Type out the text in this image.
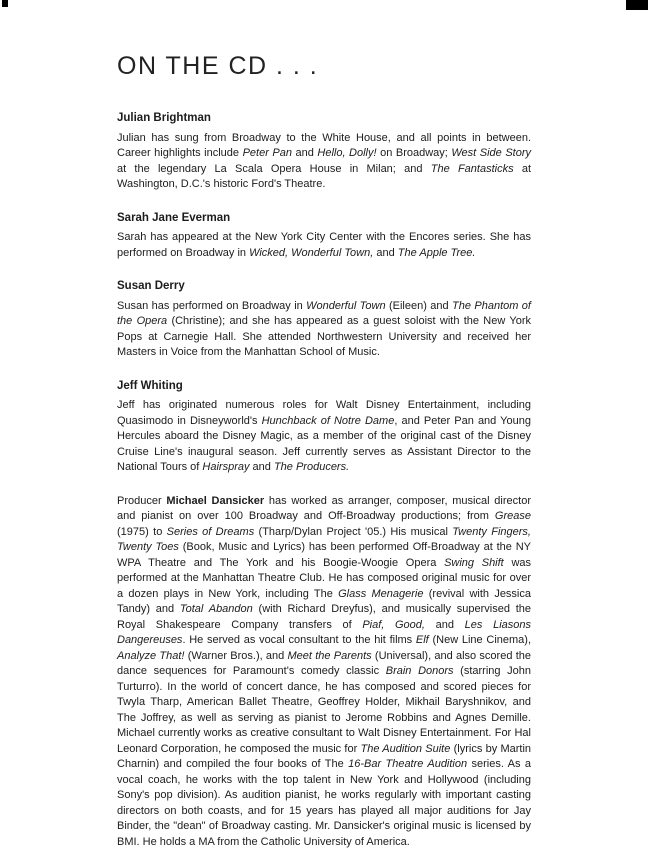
ON THE CD . . .
Julian Brightman

Julian has sung from Broadway to the White House, and all points in between. Career highlights include Peter Pan and Hello, Dolly! on Broadway; West Side Story at the legendary La Scala Opera House in Milan; and The Fantasticks at Washington, D.C.'s historic Ford's Theatre.

Sarah Jane Everman

Sarah has appeared at the New York City Center with the Encores series. She has performed on Broadway in Wicked, Wonderful Town, and The Apple Tree.

Susan Derry

Susan has performed on Broadway in Wonderful Town (Eileen) and The Phantom of the Opera (Christine); and she has appeared as a guest soloist with the New York Pops at Carnegie Hall. She attended Northwestern University and received her Masters in Voice from the Manhattan School of Music.

Jeff Whiting

Jeff has originated numerous roles for Walt Disney Entertainment, including Quasimodo in Disneyworld's Hunchback of Notre Dame, and Peter Pan and Young Hercules aboard the Disney Magic, as a member of the original cast of the Disney Cruise Line's inaugural season. Jeff currently serves as Assistant Director to the National Tours of Hairspray and The Producers.

Producer Michael Dansicker has worked as arranger, composer, musical director and pianist on over 100 Broadway and Off-Broadway productions; from Grease (1975) to Series of Dreams (Tharp/Dylan Project '05.) His musical Twenty Fingers, Twenty Toes (Book, Music and Lyrics) has been performed Off-Broadway at the NY WPA Theatre and The York and his Boogie-Woogie Opera Swing Shift was performed at the Manhattan Theatre Club. He has composed original music for over a dozen plays in New York, including The Glass Menagerie (revival with Jessica Tandy) and Total Abandon (with Richard Dreyfus), and musically supervised the Royal Shakespeare Company transfers of Piaf, Good, and Les Liasons Dangereuses. He served as vocal consultant to the hit films Elf (New Line Cinema), Analyze That! (Warner Bros.), and Meet the Parents (Universal), and also scored the dance sequences for Paramount's comedy classic Brain Donors (starring John Turturro). In the world of concert dance, he has composed and scored pieces for Twyla Tharp, American Ballet Theatre, Geoffrey Holder, Mikhail Baryshnikov, and The Joffrey, as well as serving as pianist to Jerome Robbins and Agnes Demille. Michael currently works as creative consultant to Walt Disney Entertainment. For Hal Leonard Corporation, he composed the music for The Audition Suite (lyrics by Martin Charnin) and compiled the four books of The 16-Bar Theatre Audition series. As a vocal coach, he works with the top talent in New York and Hollywood (including Sony's pop division). As audition pianist, he works regularly with important casting directors on both coasts, and for 15 years has played all major auditions for Jay Binder, the "dean" of Broadway casting. Mr. Dansicker's original music is licensed by BMI. He holds a MA from the Catholic University of America.
